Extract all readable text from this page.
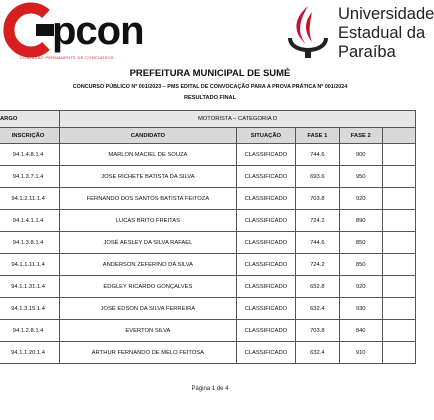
pcon
COMISSÃO PERMANENTE DE CONCURSOS
Universidade
Estadual da
Paraíba
PREFEITURA MUNICIPAL DE SUMÉ
CONCURSO PÚBLICO Nº 001/2023 – PMS EDITAL DE CONVOCAÇÃO PARA A PROVA PRÁTICA Nº 001/2024
RESULTADO FINAL
ARGO	MOTORISTA – CATEGORIA D				
INSCRIÇÃO	CANDIDATO	SITUAÇÃO	FASE 1	FASE 2	
94.1.4.8.1.4	MARLON MACIEL DE SOUZA	CLASSIFICADO	744.6	900	
94.1.3.7.1.4	JOSE RICHETE BATISTA DA SILVA	CLASSIFICADO	693.6	950	
94.1.2.11.1.4	FERNANDO DOS SANTOS BATISTA FEITOZA	CLASSIFICADO	703.8	920	
94.1.4.1.1.4	LUCAS BRITO FREITAS	CLASSIFICADO	724.2	890	
94.1.3.8.1.4	JOSÉ AESLEY DA SILVA RAFAEL	CLASSIFICADO	744.6	850	
94.1.1.11.1.4	ANDERSON ZEFERINO DA SILVA	CLASSIFICADO	724.2	850	
94.1.1.31.1.4	EDGLEY RICARDO GONÇALVES	CLASSIFICADO	652.8	920	
94.1.3.15.1.4	JOSÉ EDSON DA SILVA FERREIRA	CLASSIFICADO	632.4	930	
94.1.2.8.1.4	EVERTON SILVA	CLASSIFICADO	703.8	840	
94.1.1.20.1.4	ARTHUR FERNANDO DE MELO FEITOSA	CLASSIFICADO	632.4	910	
Página 1 de 4
